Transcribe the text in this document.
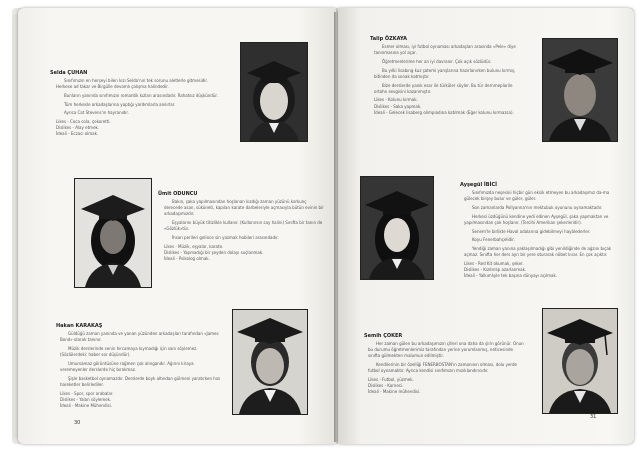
Selda ÇUHAN

Sınıfımızın en herşeyi bilen kızı Selda'nın tek sorunu aletlerle gitmesidir. Herkese ad takar ve Birgülle devamlı çalışma halindedir.

Bunların yanında sınıfımızın romantik kızları arasındadır. Rahatsız düşkündür.

Tüm herkesle arkadaşlarına yaptığı yardımlarla anılırlar.

Ayrıca Cat Stevens'ın hayranıdır.

Likes - Coca cola, çokoretti.
Dislikes - Alay etmek.
İdeali - Eczacı olmak.
Ümit ODUNCU

Bakın, şaka yapılmasından hoşlanan kızdığı zaman yüzünü korkunç derecede asan, sükûneti, kapıları karate darbeleriyle açmasıyla bütün evinin bir arkadaşımızdır.

Eşyalarını büyük titizlikle kullanır. (Kullanırsın say halini) Sınıfta bir tanın de «Gözlük»tür.

İhsan perileri gelince sin yazmak hobileri arasındadır.

Likes - Müzik, eşyalar, karate.
Dislikes - Yapmadığı bir şeyden dolayı suçlanmak.
İdeali - Psikolog olmak.
Hakan KARAKAŞ

Güldüğü zaman yanında ve yanan yüzünden arkadaşları tarafından «James Bond» olarak tanınır.

Müzik derslerinde senin hırcamaya kıymadığı için sanı söylemez. (Sözlülerdeki: haber sor düşündür).

Umursamaz görüntüsüne rağmen çok alıngandır. Ağırını kiraya veremeyenler derslerde hiç bırakmaz.

Şişle basketbol oynamazdır. Derslerde boyk altından gülmeni yaratırken hızı hareketler belirlediler.

Likes - Spor, spor arabalar.
Dislikes - Yalan söylemek.
İdeali - Makine Mühendisi.
30
Talip ÖZKAYA

Esmer olması, iyi futbol oynaması arkadaşları arasında «Pele» diye tanınmasına yol açar.

Öğretmenlerime her an iyi davranır. Çok açık sözlüdür.

Bu yılki lisabıng kuz şatemi yarışlarına hazırlanırken bulunu kırmış, bitinden da sonak katmıştır.

Bize derslerde yanık esar ile türküler söyler. Bu tür dernmeplarile ortahn sevgisini kazanmıştır.

Likes - Kolunu kırmak.
Dislikes - Saka yapmak.
İdeali - Gelecek lisaberg olimpiadına katılmak (Eğer kolunu kırmazsa).
Ayşegül İBİCİ

Sınıfımızda neşesini hiçbir gün eksik etmeyen bu arkadaşımız da-ma gülecek birşey bulur ve güler, güler.

Son zamanlarda Pollyanna'nın mektubuk oyununu oynamaktadır.

Herkesi üzdüğünü kendine yedi edinen Ayşegül, şaka yapmaktan ve yapılmasından çok hoşlanır. (Tercihi Amerikan şekerleridir).

Senem'le birlikte Haval adalarına gidebilmeyi hayâlederler.

Koyu Fenerbahçelidir.

Yendiği zaman yanına yaklaşılmadığı gibi yenildiğinde de ağzını bıçak açmaz. Sınıfta her ders ayrı bir yere oturarak nöbet kırar. En çok açıktır.

Likes - Red Kit okumak, şeker.
Dislikes - Kızdırılıp azarlanmak.
İdeali - Yalkımlıyle tek başına dünyayı açılmak.
Semih ÇOKER

Her zaman gülen bu arkadaşımızın çilleri ona daha da şirin görünür. Onun bu durumu öğretmenlerimiz tarafından yerine yorumlanmış, neticesinde sınıfta gülmekten malumun edilmiştir.

Kendilerinin bir özelliği FENERBOSTAN'ın zamanının olması, dolu yerde futbol oynamaktır. Ayrıca kendisi sınıfımızın mızıklandırıcıdır.

Likes - Futbol, yüzmek.
Dislikes - Karnesi.
İdeali - Makine mühendisi.
31
